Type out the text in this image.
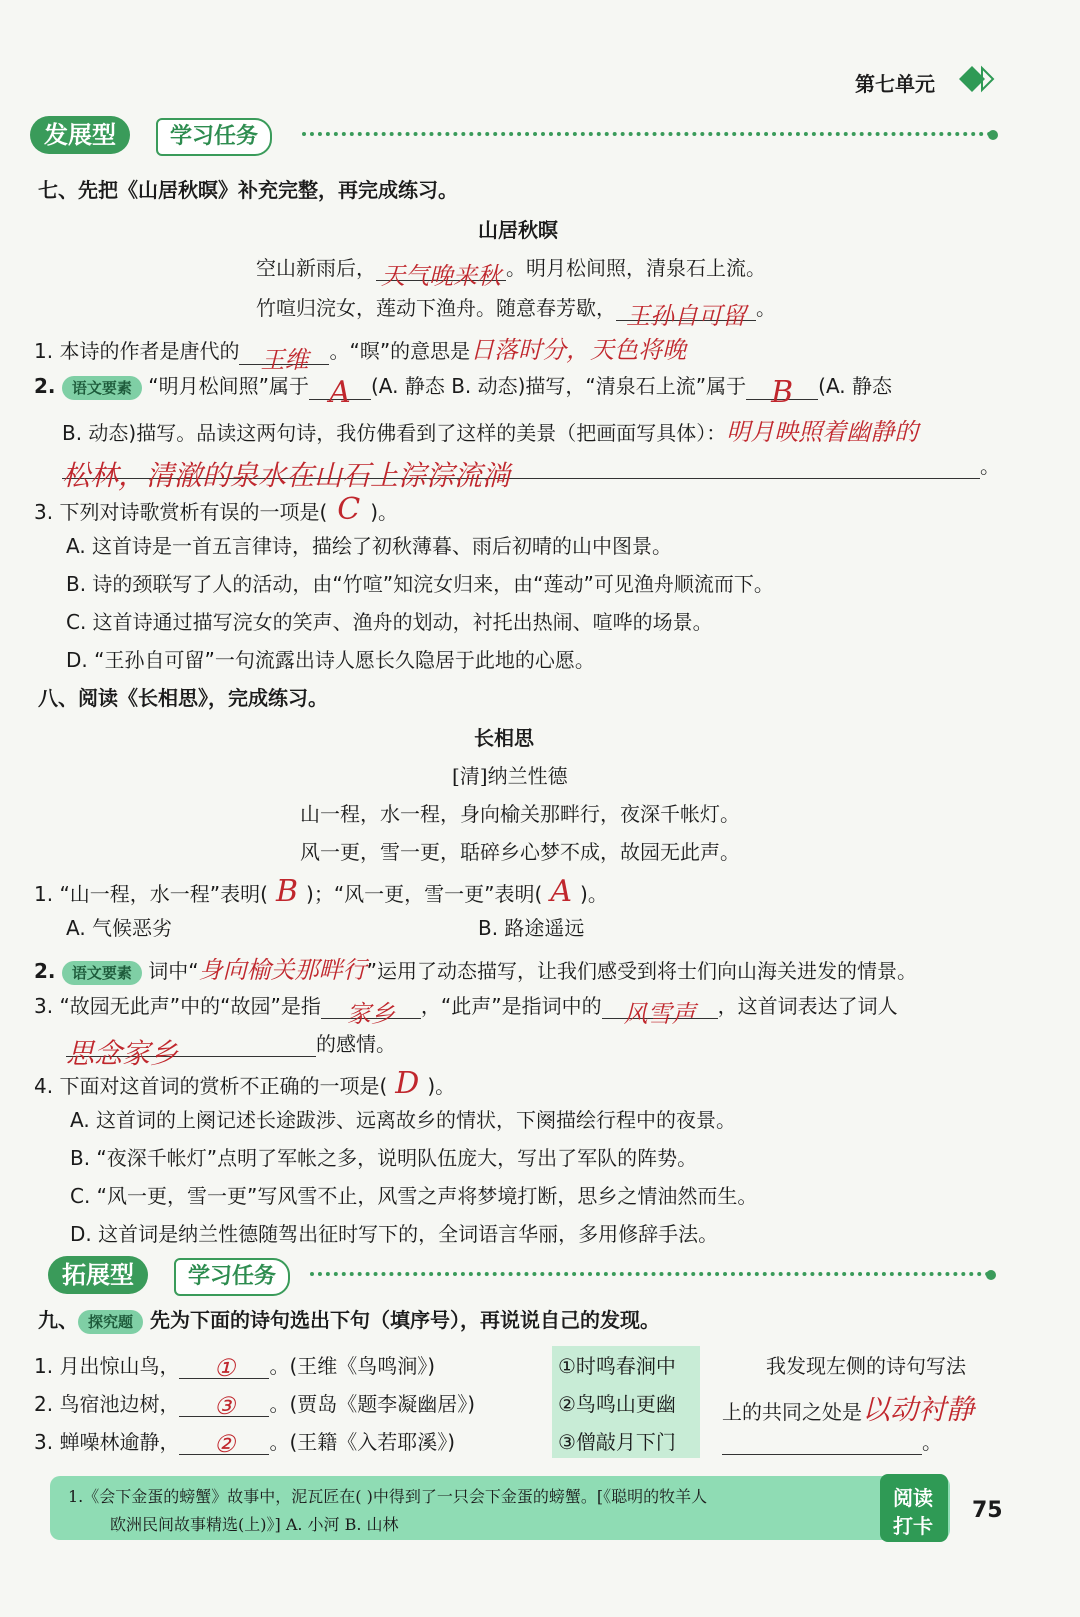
第七单元
发展型	学习任务
七、先把《山居秋暝》补充完整，再完成练习。
山居秋暝
空山新雨后， 天气晚来秋 。明月松间照，清泉石上流。
竹喧归浣女，莲动下渔舟。随意春芳歇， 王孙自可留 。
1. 本诗的作者是唐代的 王维 。“暝”的意思是日落时分，天色将晚
2. 语文要素 “明月松间照”属于 A (A. 静态 B. 动态)描写，“清泉石上流”属于 B (A. 静态
B. 动态)描写。品读这两句诗，我仿佛看到了这样的美景（把画面写具体）：明月映照着幽静的
松林，清澈的泉水在山石上淙淙流淌	。
3. 下列对诗歌赏析有误的一项是( C )。
A. 这首诗是一首五言律诗，描绘了初秋薄暮、雨后初晴的山中图景。
B. 诗的颈联写了人的活动，由“竹喧”知浣女归来，由“莲动”可见渔舟顺流而下。
C. 这首诗通过描写浣女的笑声、渔舟的划动，衬托出热闹、喧哗的场景。
D. “王孙自可留”一句流露出诗人愿长久隐居于此地的心愿。
八、阅读《长相思》，完成练习。
长相思
[清]纳兰性德
山一程，水一程，身向榆关那畔行，夜深千帐灯。
风一更，雪一更，聒碎乡心梦不成，故园无此声。
1. “山一程，水一程”表明( B )；“风一更，雪一更”表明( A )。
A. 气候恶劣	B. 路途遥远
2. 语文要素 词中“身向榆关那畔行”运用了动态描写，让我们感受到将士们向山海关进发的情景。
3. “故园无此声”中的“故园”是指 家乡 ，“此声”是指词中的 风雪声 ，这首词表达了词人
思念家乡	的感情。
4. 下面对这首词的赏析不正确的一项是( D )。
A. 这首词的上阕记述长途跋涉、远离故乡的情状，下阕描绘行程中的夜景。
B. “夜深千帐灯”点明了军帐之多，说明队伍庞大，写出了军队的阵势。
C. “风一更，雪一更”写风雪不止，风雪之声将梦境打断，思乡之情油然而生。
D. 这首词是纳兰性德随驾出征时写下的，全词语言华丽，多用修辞手法。
拓展型	学习任务
九、 探究题 先为下面的诗句选出下句（填序号），再说说自己的发现。
1. 月出惊山鸟， ① 。(王维《鸟鸣涧》)
2. 鸟宿池边树， ③ 。(贾岛《题李凝幽居》)
3. 蝉噪林逾静， ② 。(王籍《入若耶溪》)
①时鸣春涧中
②鸟鸣山更幽
③僧敲月下门
我发现左侧的诗句写法
上的共同之处是以动衬静
。
1.《会下金蛋的螃蟹》故事中，泥瓦匠在( )中得到了一只会下金蛋的螃蟹。[《聪明的牧羊人
欧洲民间故事精选(上)》] A. 小河 B. 山林
阅读
打卡
75
